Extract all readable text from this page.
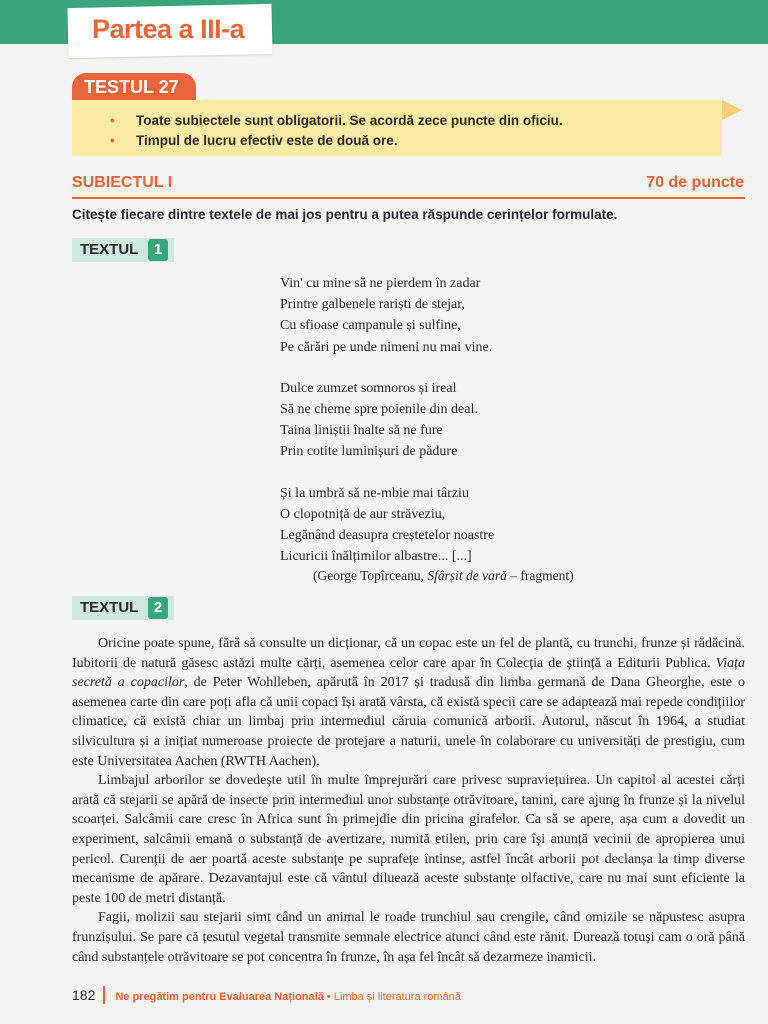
Partea a III-a
TESTUL 27
• Toate subiectele sunt obligatorii. Se acordă zece puncte din oficiu.
• Timpul de lucru efectiv este de două ore.
SUBIECTUL I	70 de puncte
Citește fiecare dintre textele de mai jos pentru a putea răspunde cerințelor formulate.
TEXTUL	1
Vin' cu mine să ne pierdem în zadar
Printre galbenele rariști de stejar,
Cu sfioase campanule și sulfine,
Pe cărări pe unde nimeni nu mai vine.
Dulce zumzet somnoros și ireal
Să ne cheme spre poienile din deal.
Taina liniștii înalte să ne fure
Prin cotite luminișuri de pădure
Și la umbră să ne-mbie mai târziu
O clopotniță de aur străveziu,
Legănând deasupra creștetelor noastre
Licuricii înălțimilor albastre... [...]
(George Topîrceanu, Sfârșit de vară – fragment)
TEXTUL	2

Oricine poate spune, fără să consulte un dicționar, că un copac este un fel de plantă, cu trunchi, frunze și rădăcină. Iubitorii de natură găsesc astăzi multe cărți, asemenea celor care apar în Colecția de știință a Editurii Publica. Viața secretă a copacilor, de Peter Wohlleben, apărută în 2017 și tradusă din limba germană de Dana Gheorghe, este o asemenea carte din care poți afla că unii copaci își arată vârsta, că există specii care se adaptează mai repede condițiilor climatice, că există chiar un limbaj prin intermediul căruia comunică arborii. Autorul, născut în 1964, a studiat silvicultura și a inițiat numeroase proiecte de protejare a naturii, unele în colaborare cu universități de prestigiu, cum este Universitatea Aachen (RWTH Aachen).

Limbajul arborilor se dovedește util în multe împrejurări care privesc supraviețuirea. Un capitol al acestei cărți arată că stejarii se apără de insecte prin intermediul unor substanțe otrăvitoare, tanini, care ajung în frunze și la nivelul scoarței. Salcâmii care cresc în Africa sunt în primejdie din pricina girafelor. Ca să se apere, așa cum a dovedit un experiment, salcâmii emană o substanță de avertizare, numită etilen, prin care își anunță vecinii de apropierea unui pericol. Curenții de aer poartă aceste substanțe pe suprafețe întinse, astfel încât arborii pot declanșa la timp diverse mecanisme de apărare. Dezavantajul este că vântul diluează aceste substanțe olfactive, care nu mai sunt eficiente la peste 100 de metri distanță.

Fagii, molizii sau stejarii simt când un animal le roade trunchiul sau crengile, când omizile se năpustesc asupra frunzișului. Se pare că țesutul vegetal transmite semnale electrice atunci când este rănit. Durează totuși cam o oră până când substanțele otrăvitoare se pot concentra în frunze, în așa fel încât să dezarmeze inamicii.

182 Ne pregătim pentru Evaluarea Națională • Limba și literatura română
